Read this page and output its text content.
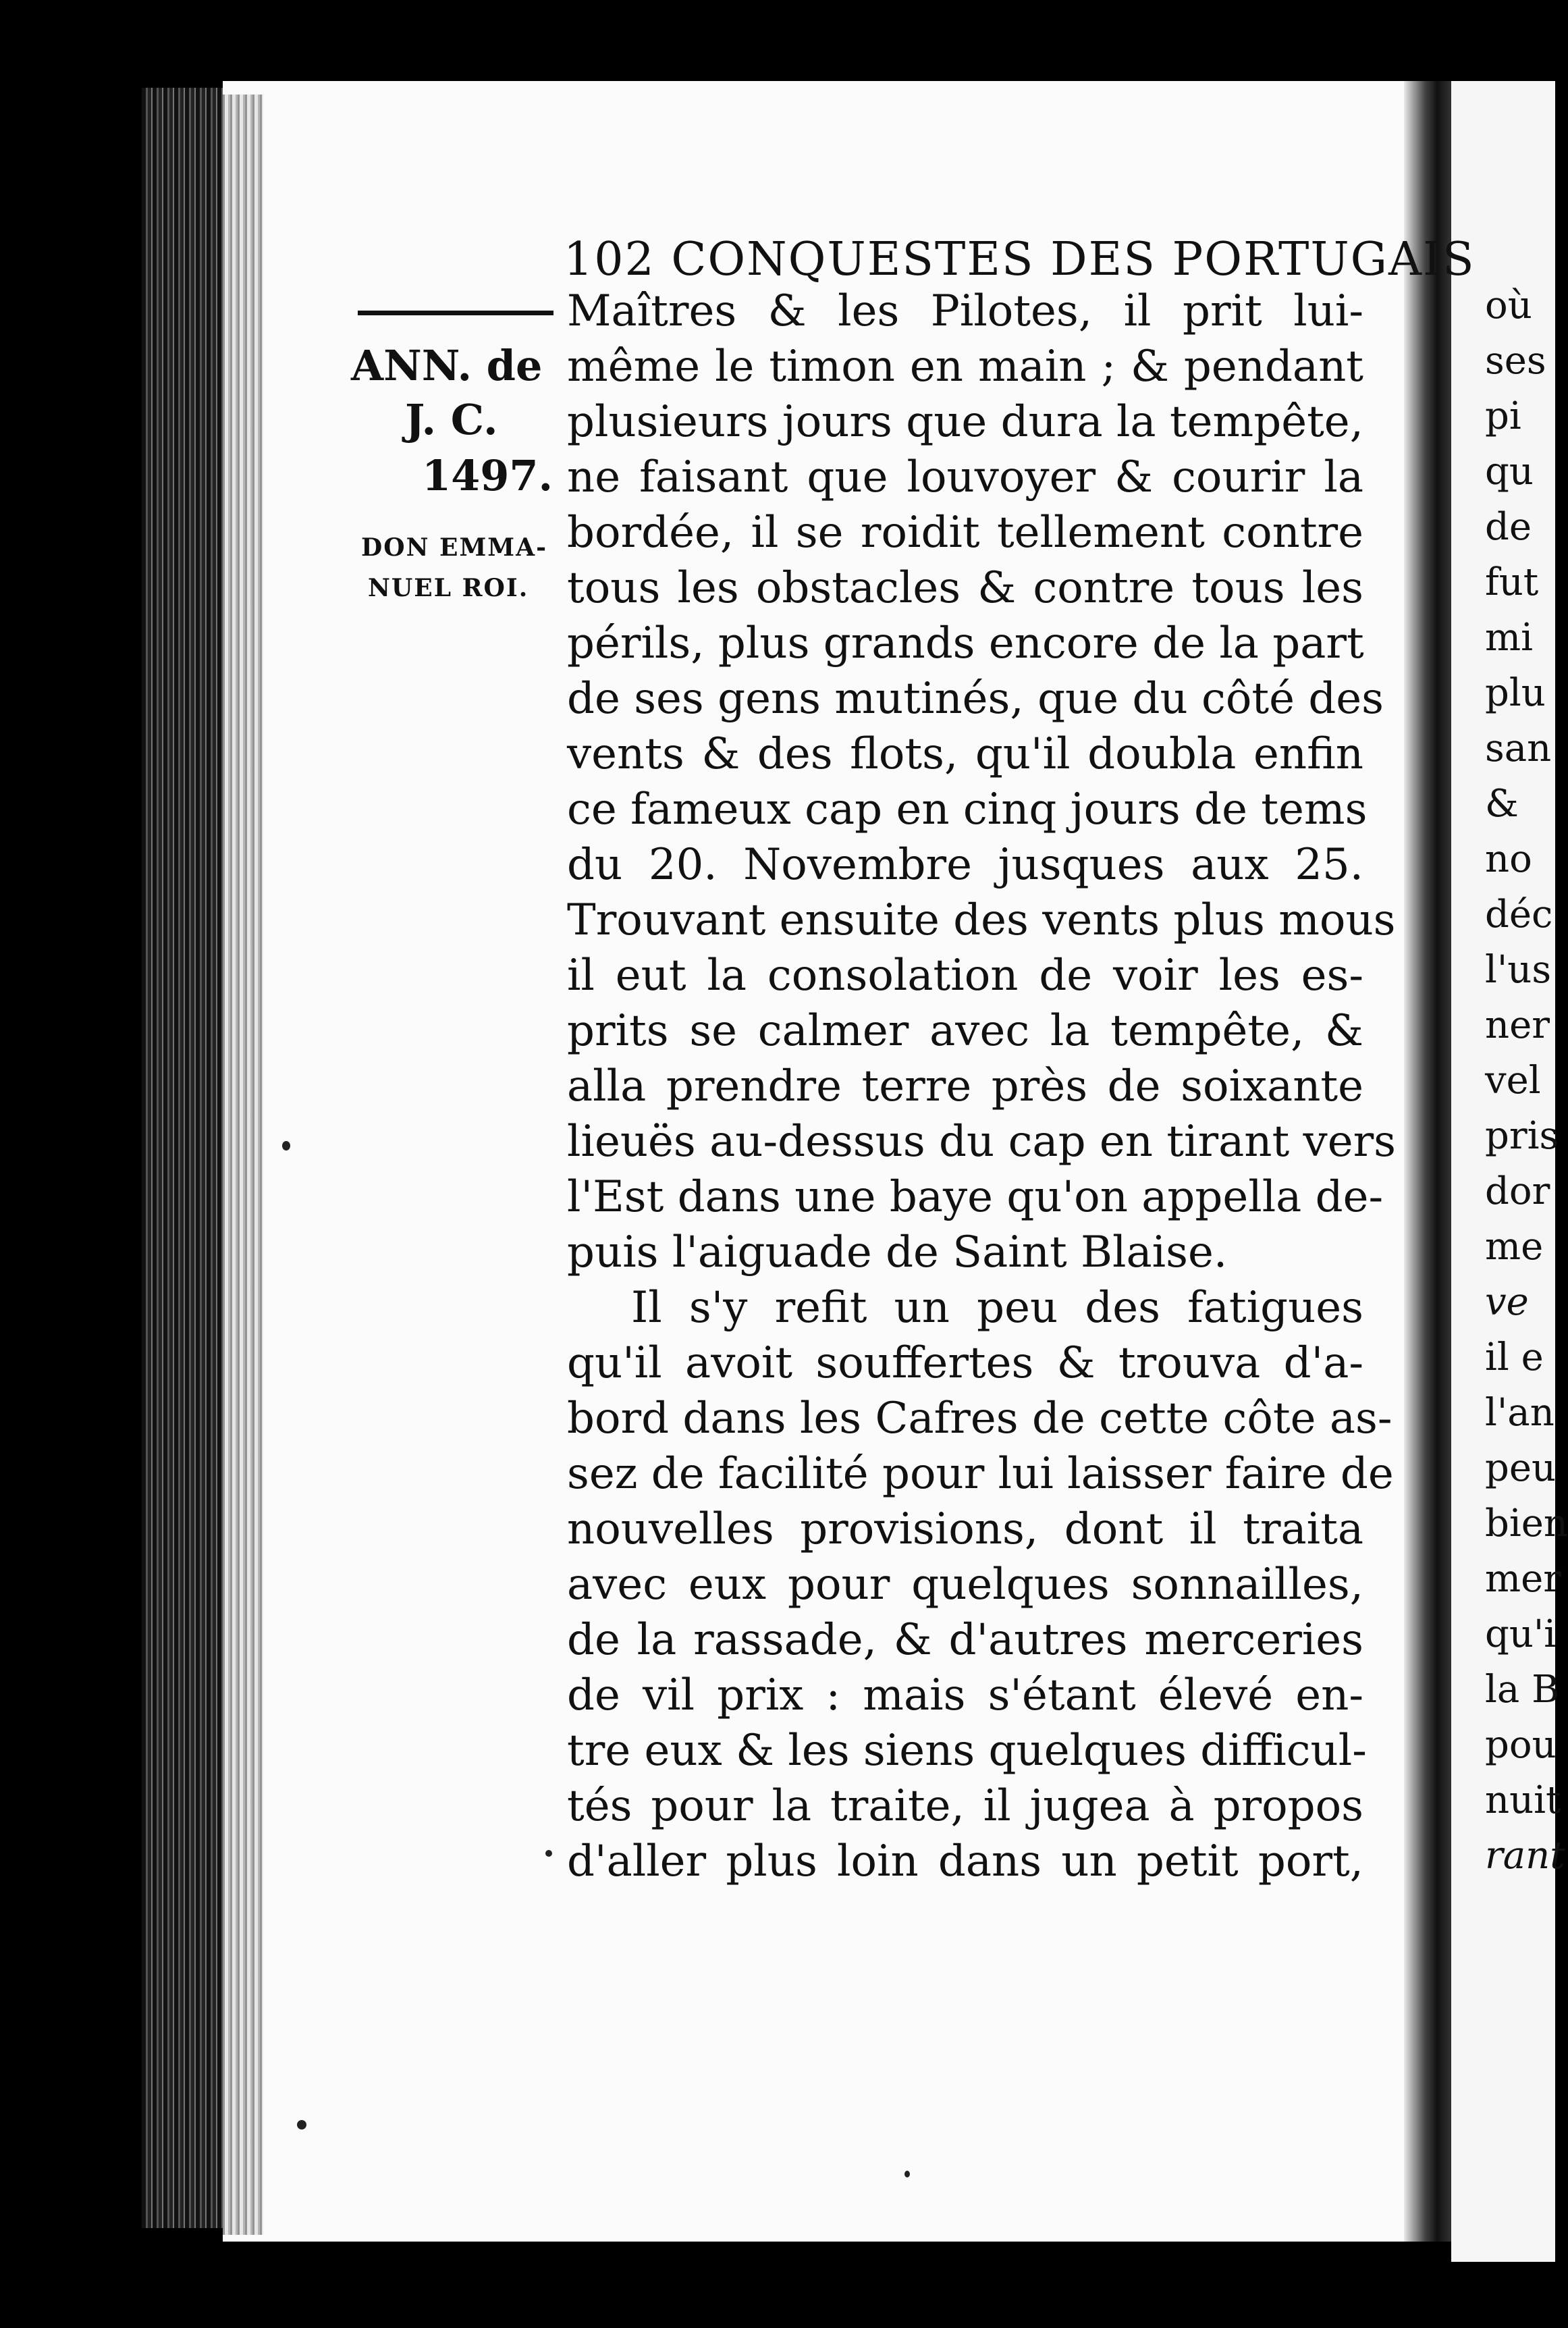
où
ses
pi
qu
de
fut
mi
plu
san
&
no
déc
l'us
ner
vel
pris
dor
me
ve
il e
l'an
peu
bien
mer
qu'i
la B
pou
nuit
rant
102 CONQUESTES DES PORTUGAIS
ANN. de
J. C.
1497.
DON EMMA-
NUEL ROI.
Maîtres & les Pilotes, il prit lui-
même le timon en main ; & pendant
plusieurs jours que dura la tempête,
ne faisant que louvoyer & courir la
bordée, il se roidit tellement contre
tous les obstacles & contre tous les
périls, plus grands encore de la part
de ses gens mutinés, que du côté des
vents & des flots, qu'il doubla enfin
ce fameux cap en cinq jours de tems
du 20. Novembre jusques aux 25.
Trouvant ensuite des vents plus mous
il eut la consolation de voir les es-
prits se calmer avec la tempête, &
alla prendre terre près de soixante
lieuës au-dessus du cap en tirant vers
l'Est dans une baye qu'on appella de-
puis l'aiguade de Saint Blaise.
Il s'y refit un peu des fatigues
qu'il avoit souffertes & trouva d'a-
bord dans les Cafres de cette côte as-
sez de facilité pour lui laisser faire de
nouvelles provisions, dont il traita
avec eux pour quelques sonnailles,
de la rassade, & d'autres merceries
de vil prix : mais s'étant élevé en-
tre eux & les siens quelques difficul-
tés pour la traite, il jugea à propos
d'aller plus loin dans un petit port,
